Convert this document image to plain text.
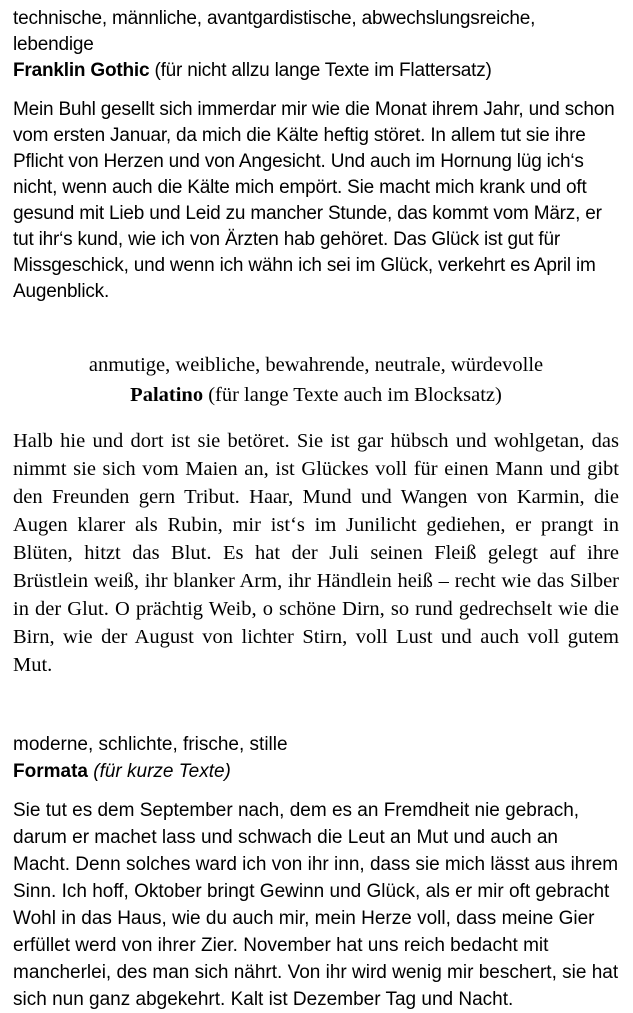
technische, männliche, avantgardistische, abwechslungsreiche, lebendige
Franklin Gothic (für nicht allzu lange Texte im Flattersatz)

Mein Buhl gesellt sich immerdar mir wie die Monat ihrem Jahr, und schon vom ersten Januar, da mich die Kälte heftig störet. In allem tut sie ihre Pflicht von Herzen und von Angesicht. Und auch im Hornung lüg ich‘s nicht, wenn auch die Kälte mich empört. Sie macht mich krank und oft gesund mit Lieb und Leid zu mancher Stunde, das kommt vom März, er tut ihr‘s kund, wie ich von Ärzten hab gehöret. Das Glück ist gut für Missgeschick, und wenn ich wähn ich sei im Glück, verkehrt es April im Augenblick.

anmutige, weibliche, bewahrende, neutrale, würdevolle
Palatino (für lange Texte auch im Blocksatz)

Halb hie und dort ist sie betöret. Sie ist gar hübsch und wohlgetan, das nimmt sie sich vom Maien an, ist Glückes voll für einen Mann und gibt den Freunden gern Tribut. Haar, Mund und Wangen von Karmin, die Augen klarer als Rubin, mir ist‘s im Junilicht gediehen, er prangt in Blüten, hitzt das Blut. Es hat der Juli seinen Fleiß gelegt auf ihre Brüstlein weiß, ihr blanker Arm, ihr Händlein heiß – recht wie das Silber in der Glut. O prächtig Weib, o schöne Dirn, so rund gedrechselt wie die Birn, wie der August von lichter Stirn, voll Lust und auch voll gutem Mut.

moderne, schlichte, frische, stille
Formata (für kurze Texte)

Sie tut es dem September nach, dem es an Fremdheit nie gebrach, darum er machet lass und schwach die Leut an Mut und auch an Macht. Denn solches ward ich von ihr inn, dass sie mich lässt aus ihrem Sinn. Ich hoff, Oktober bringt Gewinn und Glück, als er mir oft gebracht Wohl in das Haus, wie du auch mir, mein Herze voll, dass meine Gier erfüllet werd von ihrer Zier. November hat uns reich bedacht mit mancherlei, des man sich nährt. Von ihr wird wenig mir beschert, sie hat sich nun ganz abgekehrt. Kalt ist Dezember Tag und Nacht.
